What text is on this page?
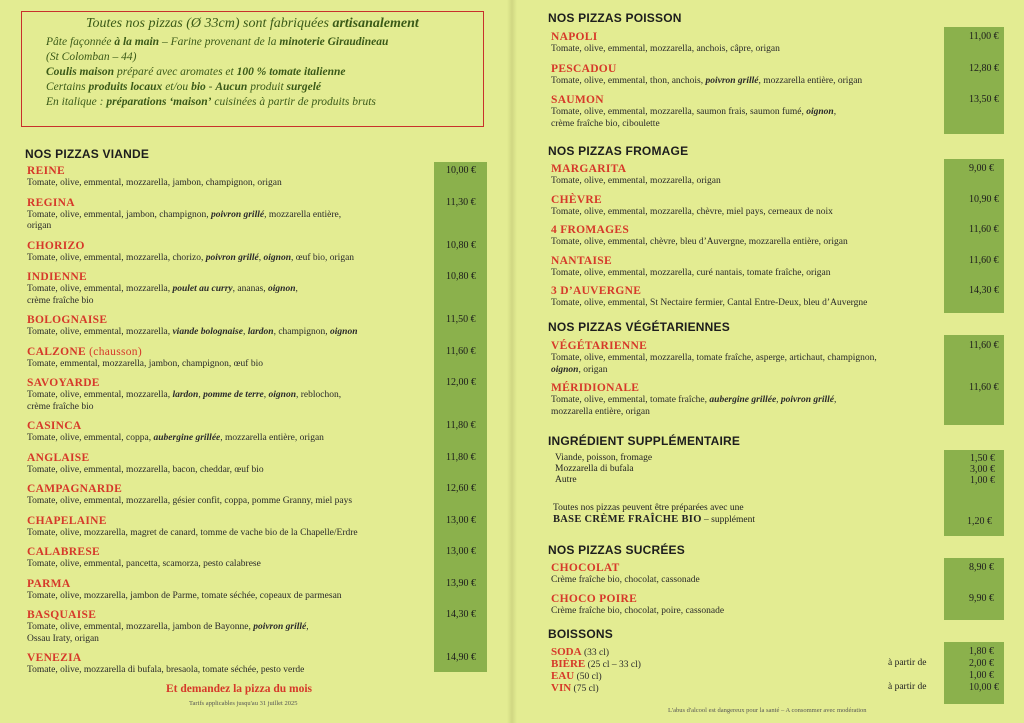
Toutes nos pizzas (Ø 33cm) sont fabriquées artisanalement
Pâte façonnée à la main – Farine provenant de la minoterie Giraudineau
(St Colomban – 44)
Coulis maison préparé avec aromates et 100 % tomate italienne
Certains produits locaux et/ou bio - Aucun produit surgelé
En italique : préparations ‘maison’ cuisinées à partir de produits bruts
NOS PIZZAS VIANDE
REINE
Tomate, olive, emmental, mozzarella, jambon, champignon, origan
10,00 €
REGINA
Tomate, olive, emmental, jambon, champignon, poivron grillé, mozzarella entière,
origan
11,30 €
CHORIZO
Tomate, olive, emmental, mozzarella, chorizo, poivron grillé, oignon, œuf bio, origan
10,80 €
INDIENNE
Tomate, olive, emmental, mozzarella, poulet au curry, ananas, oignon,
crème fraîche bio
10,80 €
BOLOGNAISE
Tomate, olive, emmental, mozzarella, viande bolognaise, lardon, champignon, oignon
11,50 €
CALZONE (chausson)
Tomate, emmental, mozzarella, jambon, champignon, œuf bio
11,60 €
SAVOYARDE
Tomate, olive, emmental, mozzarella, lardon, pomme de terre, oignon, reblochon,
crème fraîche bio
12,00 €
CASINCA
Tomate, olive, emmental, coppa, aubergine grillée, mozzarella entière, origan
11,80 €
ANGLAISE
Tomate, olive, emmental, mozzarella, bacon, cheddar, œuf bio
11,80 €
CAMPAGNARDE
Tomate, olive, emmental, mozzarella, gésier confit, coppa, pomme Granny, miel pays
12,60 €
CHAPELAINE
Tomate, olive, mozzarella, magret de canard, tomme de vache bio de la Chapelle/Erdre
13,00 €
CALABRESE
Tomate, olive, emmental, pancetta, scamorza, pesto calabrese
13,00 €
PARMA
Tomate, olive, mozzarella, jambon de Parme, tomate séchée, copeaux de parmesan
13,90 €
BASQUAISE
Tomate, olive, emmental, mozzarella, jambon de Bayonne, poivron grillé,
Ossau Iraty, origan
14,30 €
VENEZIA
Tomate, olive, mozzarella di bufala, bresaola, tomate séchée, pesto verde
14,90 €
Et demandez la pizza du mois
Tarifs applicables jusqu'au 31 juillet 2025
NOS PIZZAS POISSON
NAPOLI
Tomate, olive, emmental, mozzarella, anchois, câpre, origan
11,00 €
PESCADOU
Tomate, olive, emmental, thon, anchois, poivron grillé, mozzarella entière, origan
12,80 €
SAUMON
Tomate, olive, emmental, mozzarella, saumon frais, saumon fumé, oignon,
crème fraîche bio, ciboulette
13,50 €
NOS PIZZAS FROMAGE
MARGARITA
Tomate, olive, emmental, mozzarella, origan
9,00 €
CHÈVRE
Tomate, olive, emmental, mozzarella, chèvre, miel pays, cerneaux de noix
10,90 €
4 FROMAGES
Tomate, olive, emmental, chèvre, bleu d’Auvergne, mozzarella entière, origan
11,60 €
NANTAISE
Tomate, olive, emmental, mozzarella, curé nantais, tomate fraîche, origan
11,60 €
3 D’AUVERGNE
Tomate, olive, emmental, St Nectaire fermier, Cantal Entre-Deux, bleu d’Auvergne
14,30 €
NOS PIZZAS VÉGÉTARIENNES
VÉGÉTARIENNE
Tomate, olive, emmental, mozzarella, tomate fraîche, asperge, artichaut, champignon,
oignon, origan
11,60 €
MÉRIDIONALE
Tomate, olive, emmental, tomate fraîche, aubergine grillée, poivron grillé,
mozzarella entière, origan
11,60 €
INGRÉDIENT SUPPLÉMENTAIRE
Viande, poisson, fromage	1,50 €
Mozzarella di bufala	3,00 €
Autre	1,00 €
Toutes nos pizzas peuvent être préparées avec une
BASE CRÈME FRAÎCHE BIO – supplément	1,20 €
NOS PIZZAS SUCRÉES
CHOCOLAT
Crème fraîche bio, chocolat, cassonade
8,90 €
CHOCO POIRE
Crème fraîche bio, chocolat, poire, cassonade
9,90 €
BOISSONS
SODA (33 cl)	1,80 €
BIÈRE (25 cl – 33 cl)	à partir de	2,00 €
EAU (50 cl)	1,00 €
VIN (75 cl)	à partir de	10,00 €
L'abus d'alcool est dangereux pour la santé – A consommer avec modération
